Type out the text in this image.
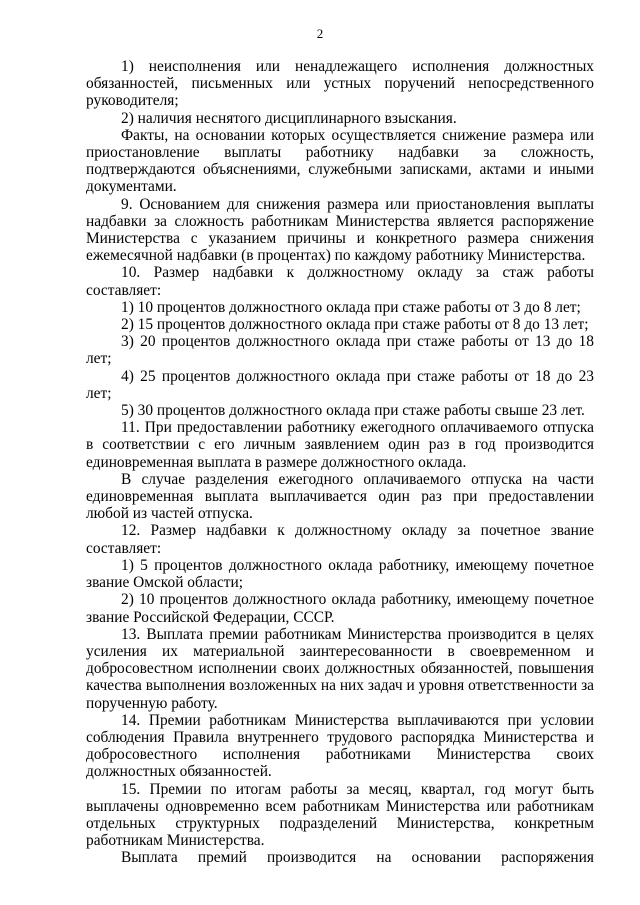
2

1) неисполнения или ненадлежащего исполнения должностных обязанностей, письменных или устных поручений непосредственного руководителя;

2) наличия неснятого дисциплинарного взыскания.

Факты, на основании которых осуществляется снижение размера или приостановление выплаты работнику надбавки за сложность, подтверждаются объяснениями, служебными записками, актами и иными документами.

9. Основанием для снижения размера или приостановления выплаты надбавки за сложность работникам Министерства является распоряжение Министерства с указанием причины и конкретного размера снижения ежемесячной надбавки (в процентах) по каждому работнику Министерства.

10. Размер надбавки к должностному окладу за стаж работы составляет:

1) 10 процентов должностного оклада при стаже работы от 3 до 8 лет;

2) 15 процентов должностного оклада при стаже работы от 8 до 13 лет;

3) 20 процентов должностного оклада при стаже работы от 13 до 18 лет;

4) 25 процентов должностного оклада при стаже работы от 18 до 23 лет;

5) 30 процентов должностного оклада при стаже работы свыше 23 лет.

11. При предоставлении работнику ежегодного оплачиваемого отпуска в соответствии с его личным заявлением один раз в год производится единовременная выплата в размере должностного оклада.

В случае разделения ежегодного оплачиваемого отпуска на части единовременная выплата выплачивается один раз при предоставлении любой из частей отпуска.

12. Размер надбавки к должностному окладу за почетное звание составляет:

1) 5 процентов должностного оклада работнику, имеющему почетное звание Омской области;

2) 10 процентов должностного оклада работнику, имеющему почетное звание Российской Федерации, СССР.

13. Выплата премии работникам Министерства производится в целях усиления их материальной заинтересованности в своевременном и добросовестном исполнении своих должностных обязанностей, повышения качества выполнения возложенных на них задач и уровня ответственности за порученную работу.

14. Премии работникам Министерства выплачиваются при условии соблюдения Правила внутреннего трудового распорядка Министерства и добросовестного исполнения работниками Министерства своих должностных обязанностей.

15. Премии по итогам работы за месяц, квартал, год могут быть выплачены одновременно всем работникам Министерства или работникам отдельных структурных подразделений Министерства, конкретным работникам Министерства.

Выплата премий производится на основании распоряжения
